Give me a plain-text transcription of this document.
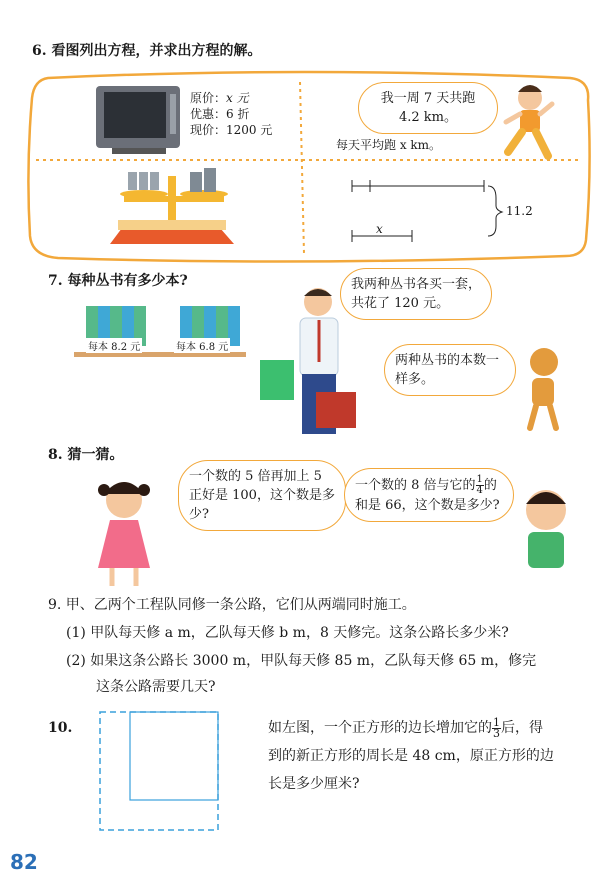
6. 看图列出方程，并求出方程的解。
原价：x 元
优惠：6 折
现价：1200 元
我一周 7 天共跑 4.2 km。
每天平均跑 x km。
11.2
x
7. 每种丛书有多少本?
每本 8.2 元	每本 6.8 元
我两种丛书各买一套，共花了 120 元。
两种丛书的本数一样多。
8. 猜一猜。
一个数的 5 倍再加上 5 正好是 100，这个数是多少?
一个数的 8 倍与它的 $\frac{1}{4}$ 的和是 66，这个数是多少?
9. 甲、乙两个工程队同修一条公路，它们从两端同时施工。
(1) 甲队每天修 a m，乙队每天修 b m，8 天修完。这条公路长多少米?
(2) 如果这条公路长 3000 m，甲队每天修 85 m，乙队每天修 65 m，修完
这条公路需要几天?
10.	如左图，一个正方形的边长增加它的 $\frac{1}{3}$ 后，得
到的新正方形的周长是 48 cm，原正方形的边
长是多少厘米?
82
